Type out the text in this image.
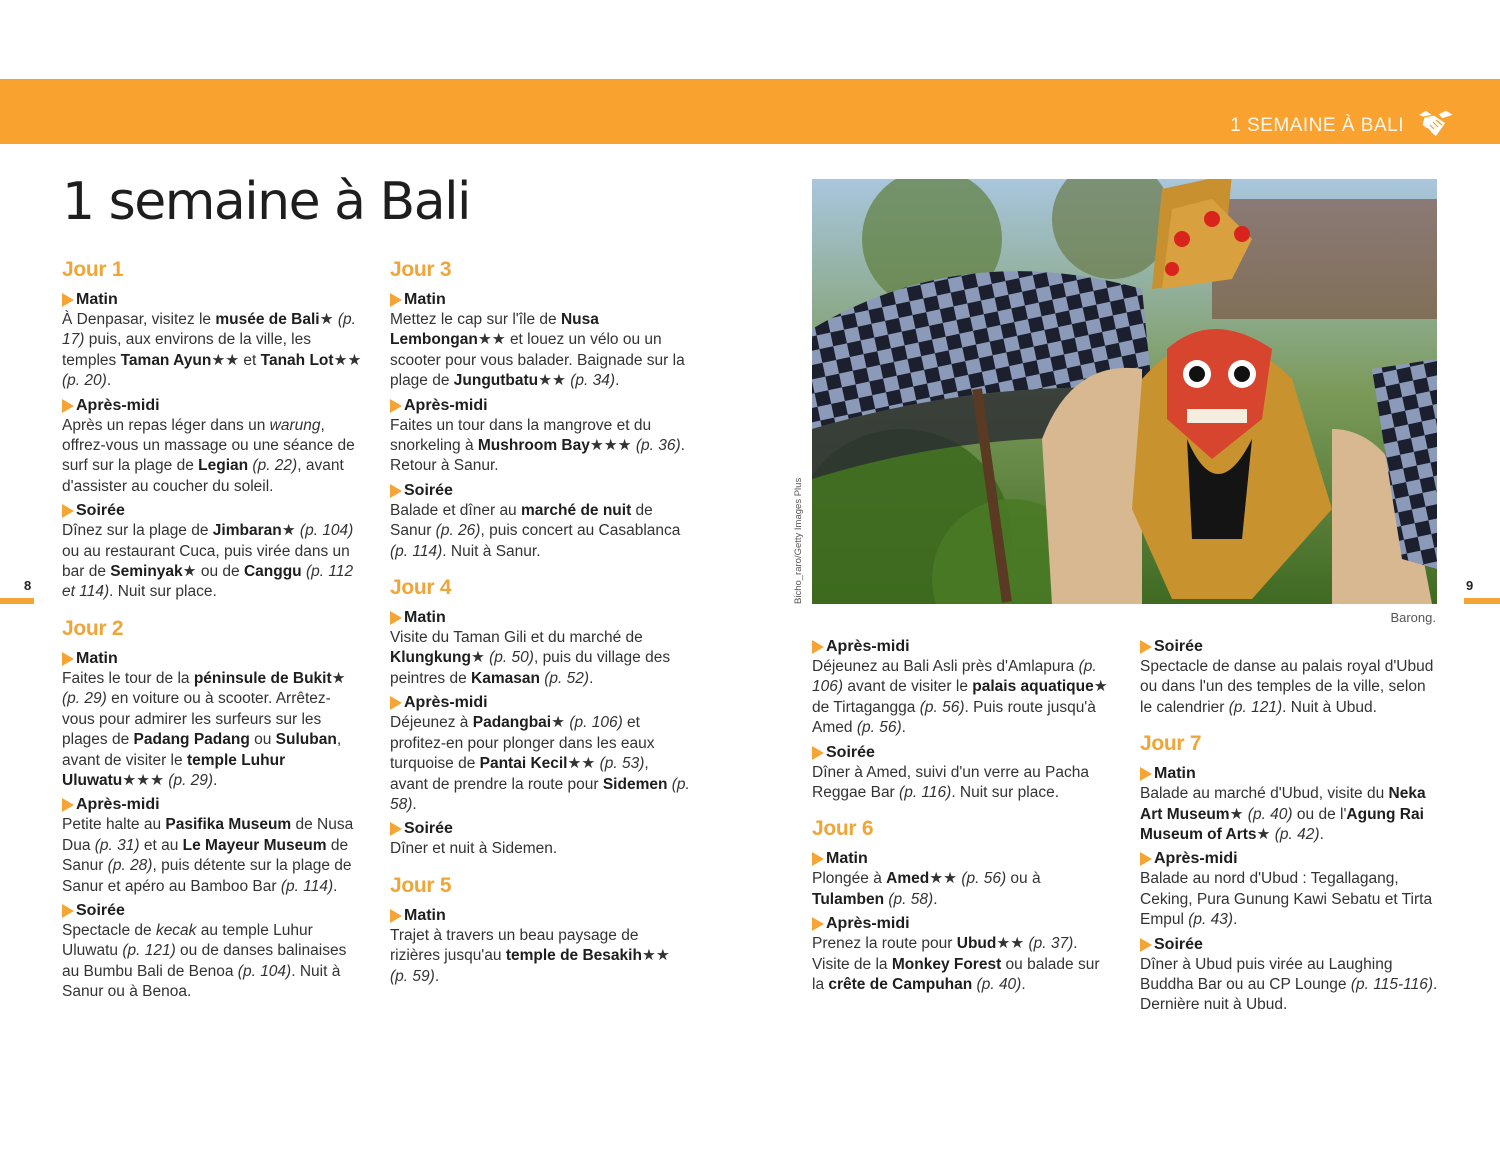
1 SEMAINE À BALI
1 semaine à Bali
8	9
Bicho_raro/Getty Images Plus
Barong.
Jour 1
Matin
À Denpasar, visitez le musée de Bali★ (p. 17) puis, aux environs de la ville, les temples Taman Ayun★★ et Tanah Lot★★ (p. 20).
Après-midi
Après un repas léger dans un warung, offrez-vous un massage ou une séance de surf sur la plage de Legian (p. 22), avant d'assister au coucher du soleil.
Soirée
Dînez sur la plage de Jimbaran★ (p. 104) ou au restaurant Cuca, puis virée dans un bar de Seminyak★ ou de Canggu (p. 112 et 114). Nuit sur place.
Jour 2
Matin
Faites le tour de la péninsule de Bukit★ (p. 29) en voiture ou à scooter. Arrêtez-vous pour admirer les surfeurs sur les plages de Padang Padang ou Suluban, avant de visiter le temple Luhur Uluwatu★★★ (p. 29).
Après-midi
Petite halte au Pasifika Museum de Nusa Dua (p. 31) et au Le Mayeur Museum de Sanur (p. 28), puis détente sur la plage de Sanur et apéro au Bamboo Bar (p. 114).
Soirée
Spectacle de kecak au temple Luhur Uluwatu (p. 121) ou de danses balinaises au Bumbu Bali de Benoa (p. 104). Nuit à Sanur ou à Benoa.
Jour 3
Matin
Mettez le cap sur l'île de Nusa Lembongan★★ et louez un vélo ou un scooter pour vous balader. Baignade sur la plage de Jungutbatu★★ (p. 34).
Après-midi
Faites un tour dans la mangrove et du snorkeling à Mushroom Bay★★★ (p. 36). Retour à Sanur.
Soirée
Balade et dîner au marché de nuit de Sanur (p. 26), puis concert au Casablanca (p. 114). Nuit à Sanur.
Jour 4
Matin
Visite du Taman Gili et du marché de Klungkung★ (p. 50), puis du village des peintres de Kamasan (p. 52).
Après-midi
Déjeunez à Padangbai★ (p. 106) et profitez-en pour plonger dans les eaux turquoise de Pantai Kecil★★ (p. 53), avant de prendre la route pour Sidemen (p. 58).
Soirée
Dîner et nuit à Sidemen.
Jour 5
Matin
Trajet à travers un beau paysage de rizières jusqu'au temple de Besakih★★ (p. 59).
Après-midi
Déjeunez au Bali Asli près d'Amlapura (p. 106) avant de visiter le palais aquatique★ de Tirtagangga (p. 56). Puis route jusqu'à Amed (p. 56).
Soirée
Dîner à Amed, suivi d'un verre au Pacha Reggae Bar (p. 116). Nuit sur place.
Jour 6
Matin
Plongée à Amed★★ (p. 56) ou à Tulamben (p. 58).
Après-midi
Prenez la route pour Ubud★★ (p. 37). Visite de la Monkey Forest ou balade sur la crête de Campuhan (p. 40).
Soirée
Spectacle de danse au palais royal d'Ubud ou dans l'un des temples de la ville, selon le calendrier (p. 121). Nuit à Ubud.
Jour 7
Matin
Balade au marché d'Ubud, visite du Neka Art Museum★ (p. 40) ou de l'Agung Rai Museum of Arts★ (p. 42).
Après-midi
Balade au nord d'Ubud : Tegallagang, Ceking, Pura Gunung Kawi Sebatu et Tirta Empul (p. 43).
Soirée
Dîner à Ubud puis virée au Laughing Buddha Bar ou au CP Lounge (p. 115-116). Dernière nuit à Ubud.
